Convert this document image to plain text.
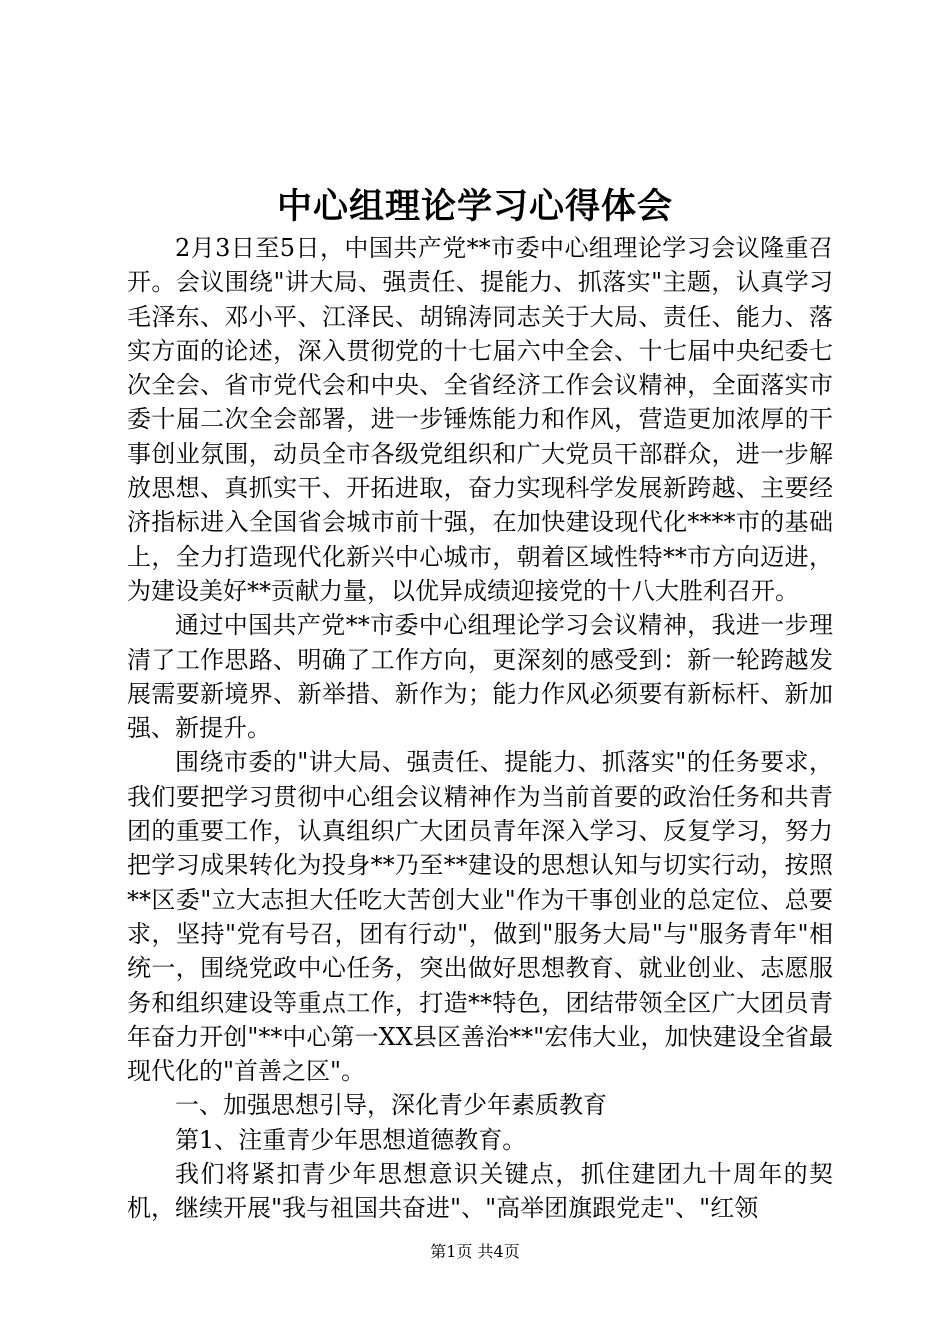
中心组理论学习心得体会

2月3日至5日，中国共产党**市委中心组理论学习会议隆重召开。会议围绕"讲大局、强责任、提能力、抓落实"主题，认真学习毛泽东、邓小平、江泽民、胡锦涛同志关于大局、责任、能力、落实方面的论述，深入贯彻党的十七届六中全会、十七届中央纪委七次全会、省市党代会和中央、全省经济工作会议精神，全面落实市委十届二次全会部署，进一步锤炼能力和作风，营造更加浓厚的干事创业氛围，动员全市各级党组织和广大党员干部群众，进一步解放思想、真抓实干、开拓进取，奋力实现科学发展新跨越、主要经济指标进入全国省会城市前十强，在加快建设现代化****市的基础上，全力打造现代化新兴中心城市，朝着区域性特**市方向迈进，为建设美好**贡献力量，以优异成绩迎接党的十八大胜利召开。

通过中国共产党**市委中心组理论学习会议精神，我进一步理清了工作思路、明确了工作方向，更深刻的感受到：新一轮跨越发展需要新境界、新举措、新作为；能力作风必须要有新标杆、新加强、新提升。

围绕市委的"讲大局、强责任、提能力、抓落实"的任务要求，我们要把学习贯彻中心组会议精神作为当前首要的政治任务和共青团的重要工作，认真组织广大团员青年深入学习、反复学习，努力把学习成果转化为投身**乃至**建设的思想认知与切实行动，按照**区委"立大志担大任吃大苦创大业"作为干事创业的总定位、总要求，坚持"党有号召，团有行动"，做到"服务大局"与"服务青年"相统一，围绕党政中心任务，突出做好思想教育、就业创业、志愿服务和组织建设等重点工作，打造**特色，团结带领全区广大团员青年奋力开创"**中心第一XX县区善治**"宏伟大业，加快建设全省最现代化的"首善之区"。

一、加强思想引导，深化青少年素质教育

第1、注重青少年思想道德教育。

我们将紧扣青少年思想意识关键点，抓住建团九十周年的契机，继续开展"我与祖国共奋进"、"高举团旗跟党走"、"红领

第1页 共4页
